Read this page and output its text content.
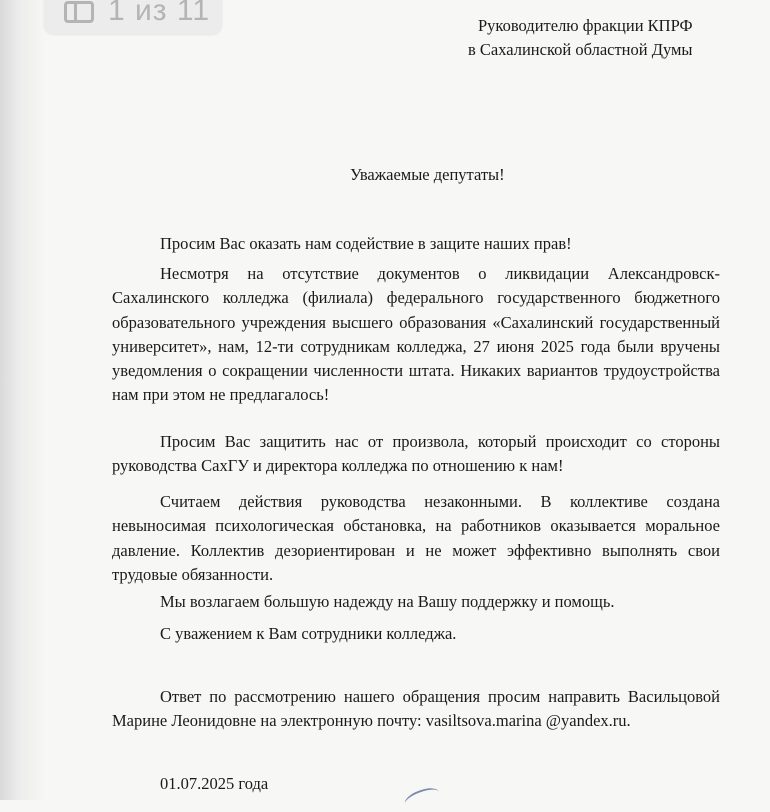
1 из 11	Руководителю фракции КПРФ
в Сахалинской областной Думы
Уважаемые депутаты!
Просим Вас оказать нам содействие в защите наших прав!
Несмотря на отсутствие документов о ликвидации Александровск-Сахалинского колледжа (филиала) федерального государственного бюджетного образовательного учреждения высшего образования «Сахалинский государственный университет», нам, 12-ти сотрудникам колледжа, 27 июня 2025 года были вручены уведомления о сокращении численности штата. Никаких вариантов трудоустройства нам при этом не предлагалось!
Просим Вас защитить нас от произвола, который происходит со стороны руководства СахГУ и директора колледжа по отношению к нам!
Считаем действия руководства незаконными. В коллективе создана невыносимая психологическая обстановка, на работников оказывается моральное давление. Коллектив дезориентирован и не может эффективно выполнять свои трудовые обязанности.
Мы возлагаем большую надежду на Вашу поддержку и помощь.
С уважением к Вам сотрудники колледжа.
Ответ по рассмотрению нашего обращения просим направить Васильцовой Марине Леонидовне на электронную почту: vasiltsova.marina @yandex.ru.
01.07.2025 года
